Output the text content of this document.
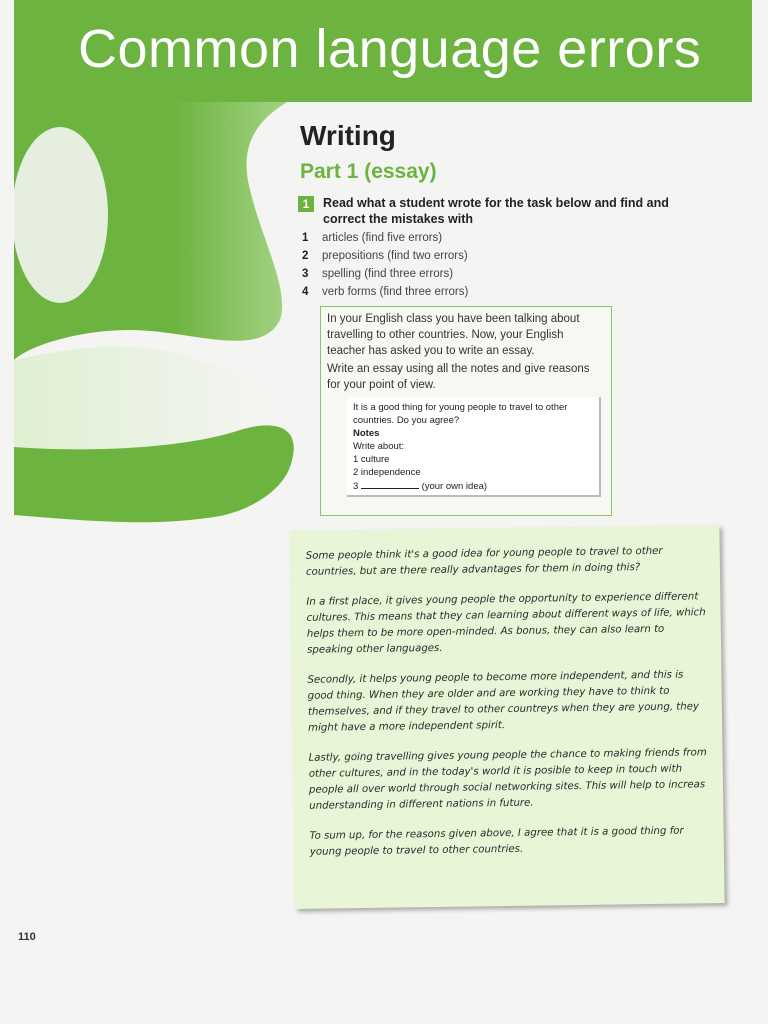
Common language errors
Writing
Part 1 (essay)
1	Read what a student wrote for the task below and find and correct the mistakes with
1 articles (find five errors)
2 prepositions (find two errors)
3 spelling (find three errors)
4 verb forms (find three errors)

In your English class you have been talking about travelling to other countries. Now, your English teacher has asked you to write an essay.

Write an essay using all the notes and give reasons for your point of view.

It is a good thing for young people to travel to other
countries. Do you agree?
Notes
Write about:
1 culture
2 independence
3	(your own idea)

Some people think it's a good idea for young people to travel to other countries, but are there really advantages for them in doing this?

In a first place, it gives young people the opportunity to experience different cultures. This means that they can learning about different ways of life, which helps them to be more open-minded. As bonus, they can also learn to speaking other languages.

Secondly, it helps young people to become more independent, and this is good thing. When they are older and are working they have to think to themselves, and if they travel to other countreys when they are young, they might have a more independent spirit.

Lastly, going travelling gives young people the chance to making friends from other cultures, and in the today's world it is posible to keep in touch with people all over world through social networking sites. This will help to increas understanding in different nations in future.

To sum up, for the reasons given above, I agree that it is a good thing for young people to travel to other countries.

110
